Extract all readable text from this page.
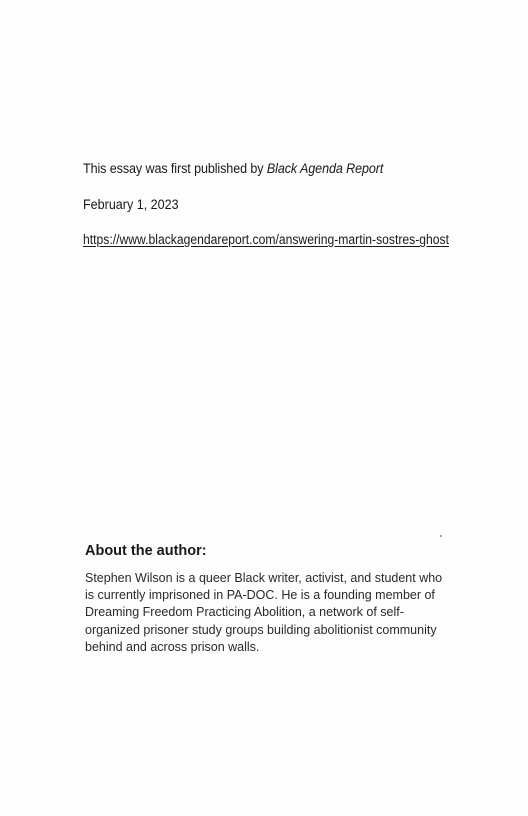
This essay was first published by Black Agenda Report
February 1, 2023
https://www.blackagendareport.com/answering-martin-sostres-ghost
About the author:
Stephen Wilson is a queer Black writer, activist, and student who
is currently imprisoned in PA-DOC. He is a founding member of
Dreaming Freedom Practicing Abolition, a network of self-
organized prisoner study groups building abolitionist community
behind and across prison walls.
